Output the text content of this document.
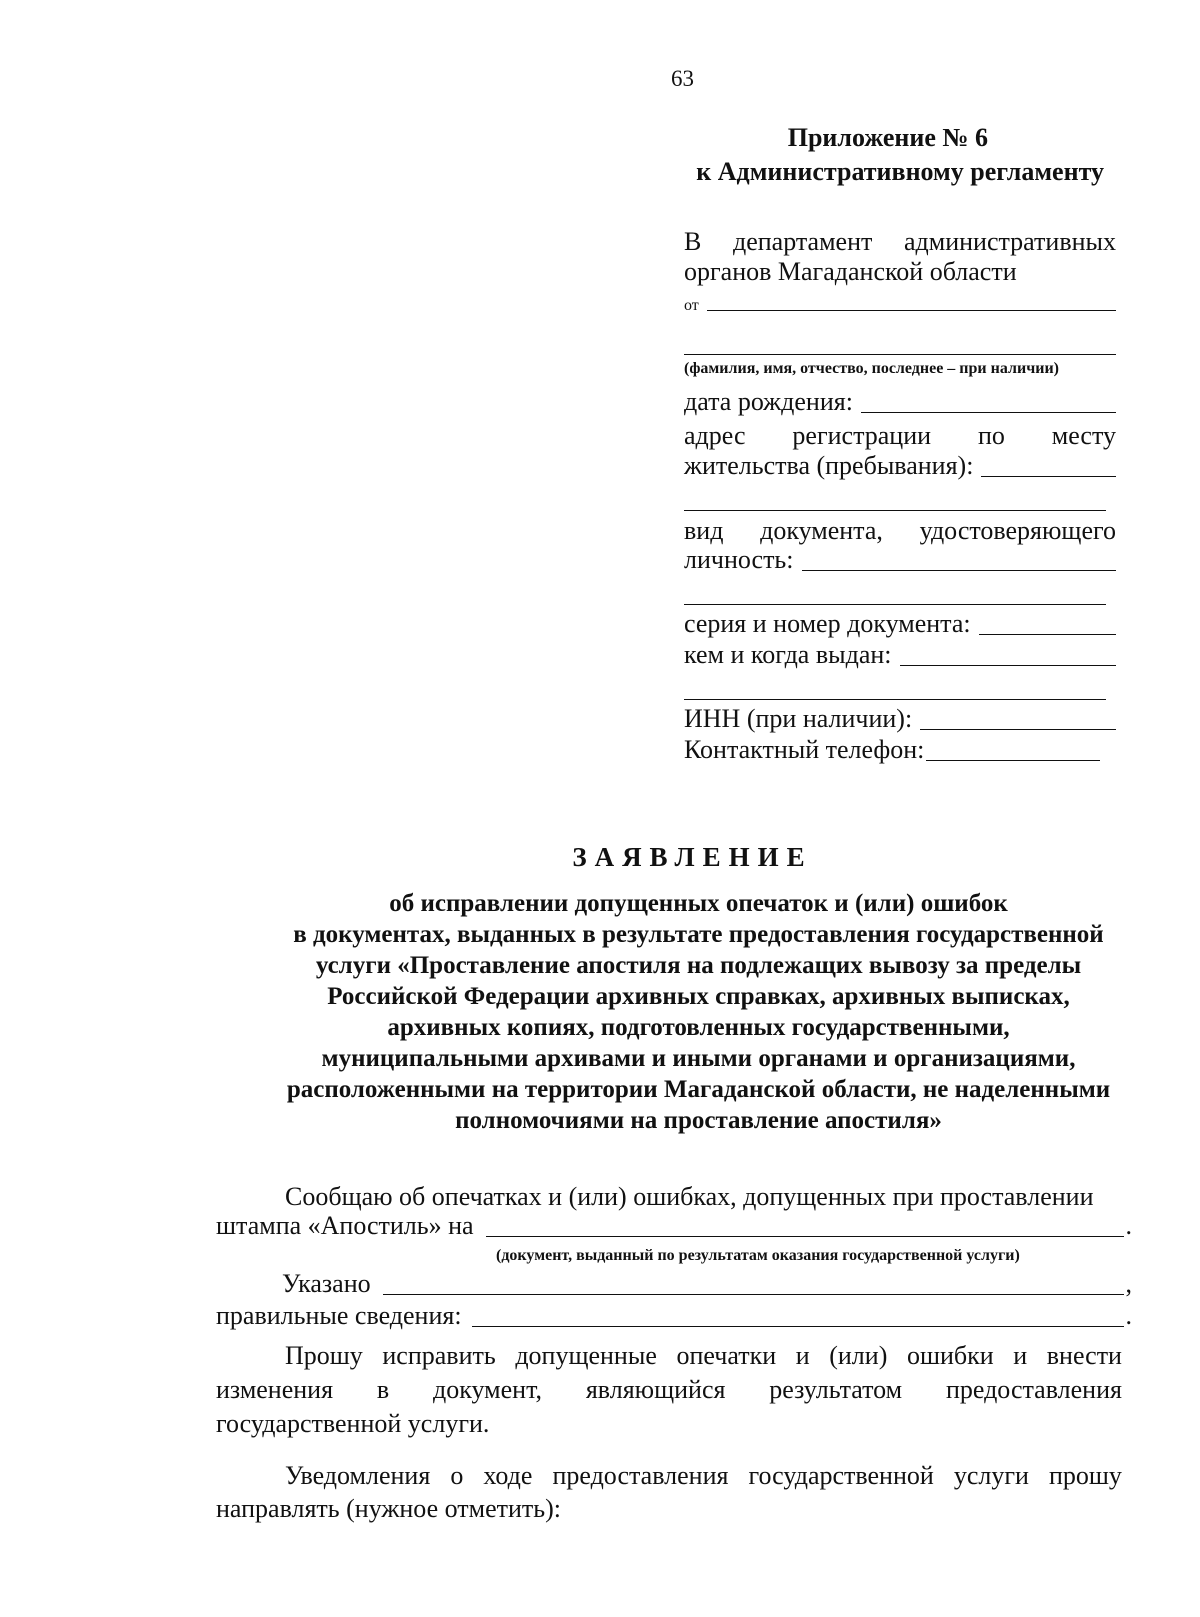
63
Приложение № 6
к Административному регламенту
В департамент административных
органов Магаданской области
от
(фамилия, имя, отчество, последнее – при наличии)
дата рождения:
адрес регистрации по месту
жительства (пребывания):
вид документа, удостоверяющего
личность:
серия и номер документа:
кем и когда выдан:
ИНН (при наличии):
Контактный телефон:
ЗАЯВЛЕНИЕ
об исправлении допущенных опечаток и (или) ошибок
в документах, выданных в результате предоставления государственной
услуги «Проставление апостиля на подлежащих вывозу за пределы
Российской Федерации архивных справках, архивных выписках,
архивных копиях, подготовленных государственными,
муниципальными архивами и иными органами и организациями,
расположенными на территории Магаданской области, не наделенными
полномочиями на проставление апостиля»
Сообщаю об опечатках и (или) ошибках, допущенных при проставлении
штампа «Апостиль» на	.
(документ, выданный по результатам оказания государственной услуги)
Указано	,
правильные сведения:	.
Прошу исправить допущенные опечатки и (или) ошибки и внести
изменения в документ, являющийся результатом предоставления
государственной услуги.
Уведомления о ходе предоставления государственной услуги прошу
направлять (нужное отметить):
